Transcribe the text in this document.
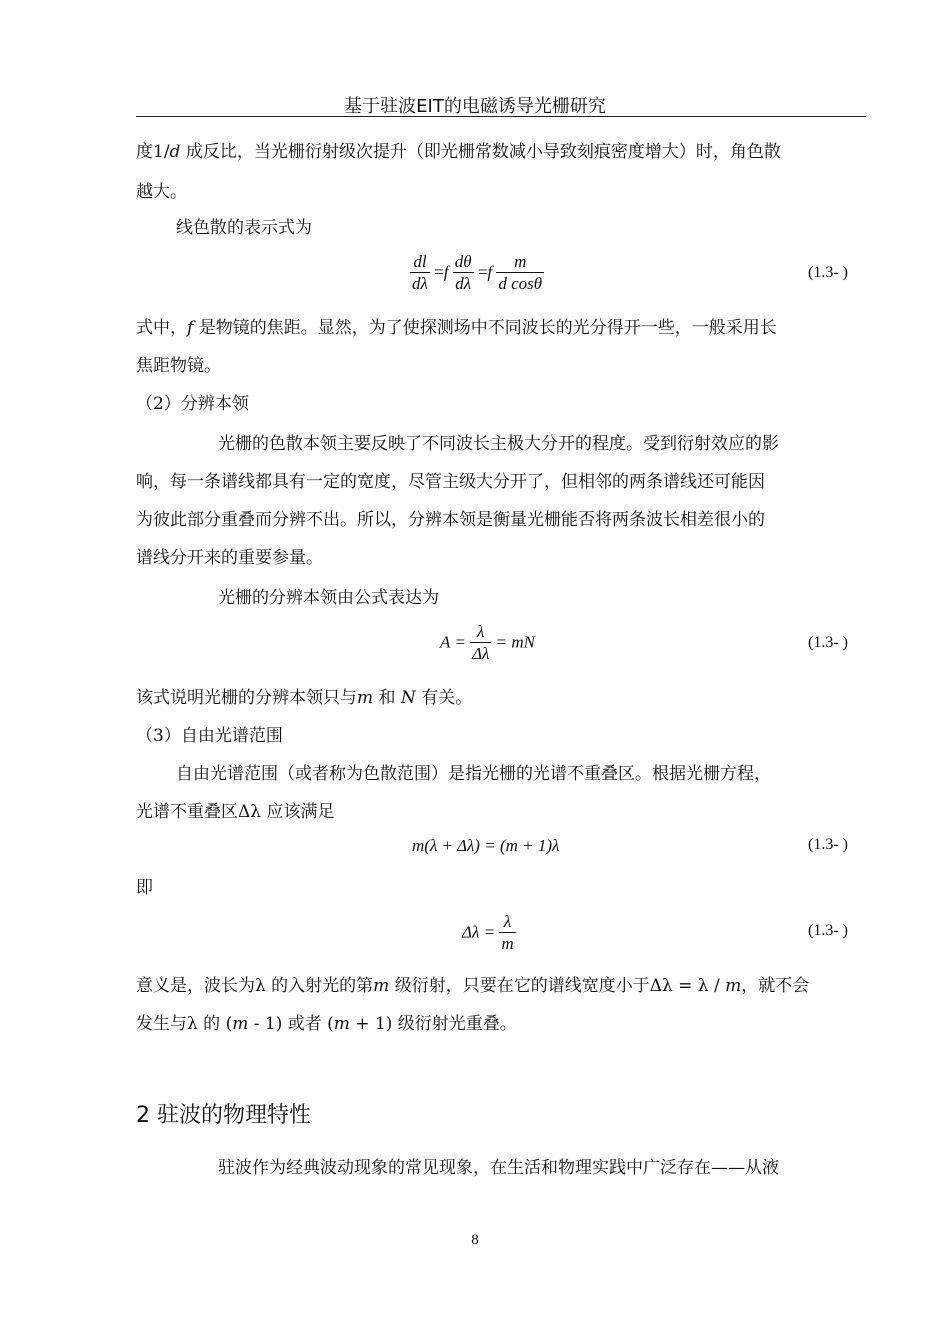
基于驻波EIT的电磁诱导光栅研究
度1/𝑑 成反比，当光栅衍射级次提升（即光栅常数减小导致刻痕密度增大）时，角色散
越大。
线色散的表示式为
$\frac{dl}{d\lambda} =f \frac{d\theta}{d\lambda} =f \frac{m}{\text{d cosθ}}$	(1.3- )
式中，𝑓 是物镜的焦距。显然，为了使探测场中不同波长的光分得开一些，一般采用长
焦距物镜。
（2）分辨本领
光栅的色散本领主要反映了不同波长主极大分开的程度。受到衍射效应的影
响，每一条谱线都具有一定的宽度，尽管主级大分开了，但相邻的两条谱线还可能因
为彼此部分重叠而分辨不出。所以，分辨本领是衡量光栅能否将两条波长相差很小的
谱线分开来的重要参量。
光栅的分辨本领由公式表达为
$A = \frac{\lambda}{\Delta\lambda}$ = mN	(1.3- )
该式说明光栅的分辨本领只与𝑚 和 𝑁 有关。
（3）自由光谱范围
自由光谱范围（或者称为色散范围）是指光栅的光谱不重叠区。根据光栅方程，
光谱不重叠区Δλ 应该满足
m(λ + Δλ) = (m + 1)λ	(1.3- )
即
$\Delta\lambda = \frac{\lambda}{m}$	(1.3- )
意义是，波长为λ 的入射光的第𝑚 级衍射，只要在它的谱线宽度小于Δλ = λ / 𝑚，就不会
发生与λ 的 (𝑚 - 1) 或者 (𝑚 + 1) 级衍射光重叠。
2 驻波的物理特性
驻波作为经典波动现象的常见现象，在生活和物理实践中广泛存在——从液
8
